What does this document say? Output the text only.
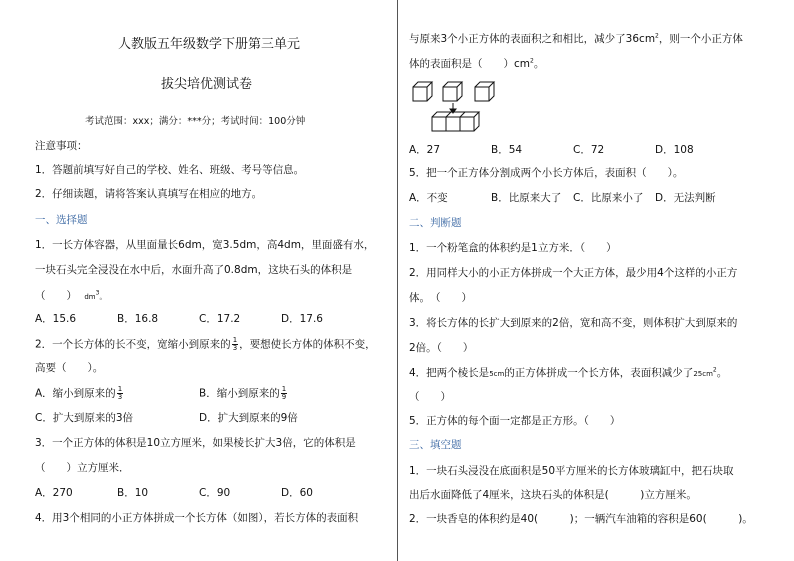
人教版五年级数学下册第三单元
拔尖培优测试卷
考试范围：xxx；满分：***分；考试时间：100分钟
注意事项：
1．答题前填写好自己的学校、姓名、班级、考号等信息。
2．仔细读题，请将答案认真填写在相应的地方。
一、选择题
1．一长方体容器，从里面量长6dm，宽3.5dm，高4dm，里面盛有水，
一块石头完全浸没在水中后，水面升高了0.8dm，这块石头的体积是
（　　） $dm^3$。
A．15.6	B．16.8	C．17.2	D．17.6
2．一个长方体的长不变，宽缩小到原来的 $\frac{1}{3}$ ，要想使长方体的体积不变，
高要（　　）。
A．缩小到原来的 $\frac{1}{3}$	B．缩小到原来的 $\frac{1}{9}$
C．扩大到原来的3倍	D．扩大到原来的9倍
3．一个正方体的体积是10立方厘米，如果棱长扩大3倍，它的体积是
（　　）立方厘米．
A．270	B．10	C．90	D．60
4．用3个相同的小正方体拼成一个长方体（如图），若长方体的表面积
与原来3个小正方体的表面积之和相比，减少了$36cm^2$，则一个小正方体
体的表面积是（　　）$cm^2$。
A．27	B．54	C．72	D．108
5．把一个正方体分割成两个小长方体后，表面积（　　）。
A．不变	B．比原来大了 C．比原来小了 D．无法判断
二、判断题
1．一个粉笔盒的体积约是1立方米．（　　）
2．用同样大小的小正方体拼成一个大正方体，最少用4个这样的小正方
体。　（　　）
3．将长方体的长扩大到原来的2倍，宽和高不变，则体积扩大到原来的
2倍。（　　）
4．把两个棱长是5cm的正方体拼成一个长方体，表面积减少了$25cm^2$。
（　　）
5．正方体的每个面一定都是正方形。（　　）
三、填空题
1．一块石头浸没在底面积是50平方厘米的长方体玻璃缸中，把石块取
出后水面降低了4厘米，这块石头的体积是(　　　)立方厘米。
2．一块香皂的体积约是40(　　　)；一辆汽车油箱的容积是60(　　　)。
